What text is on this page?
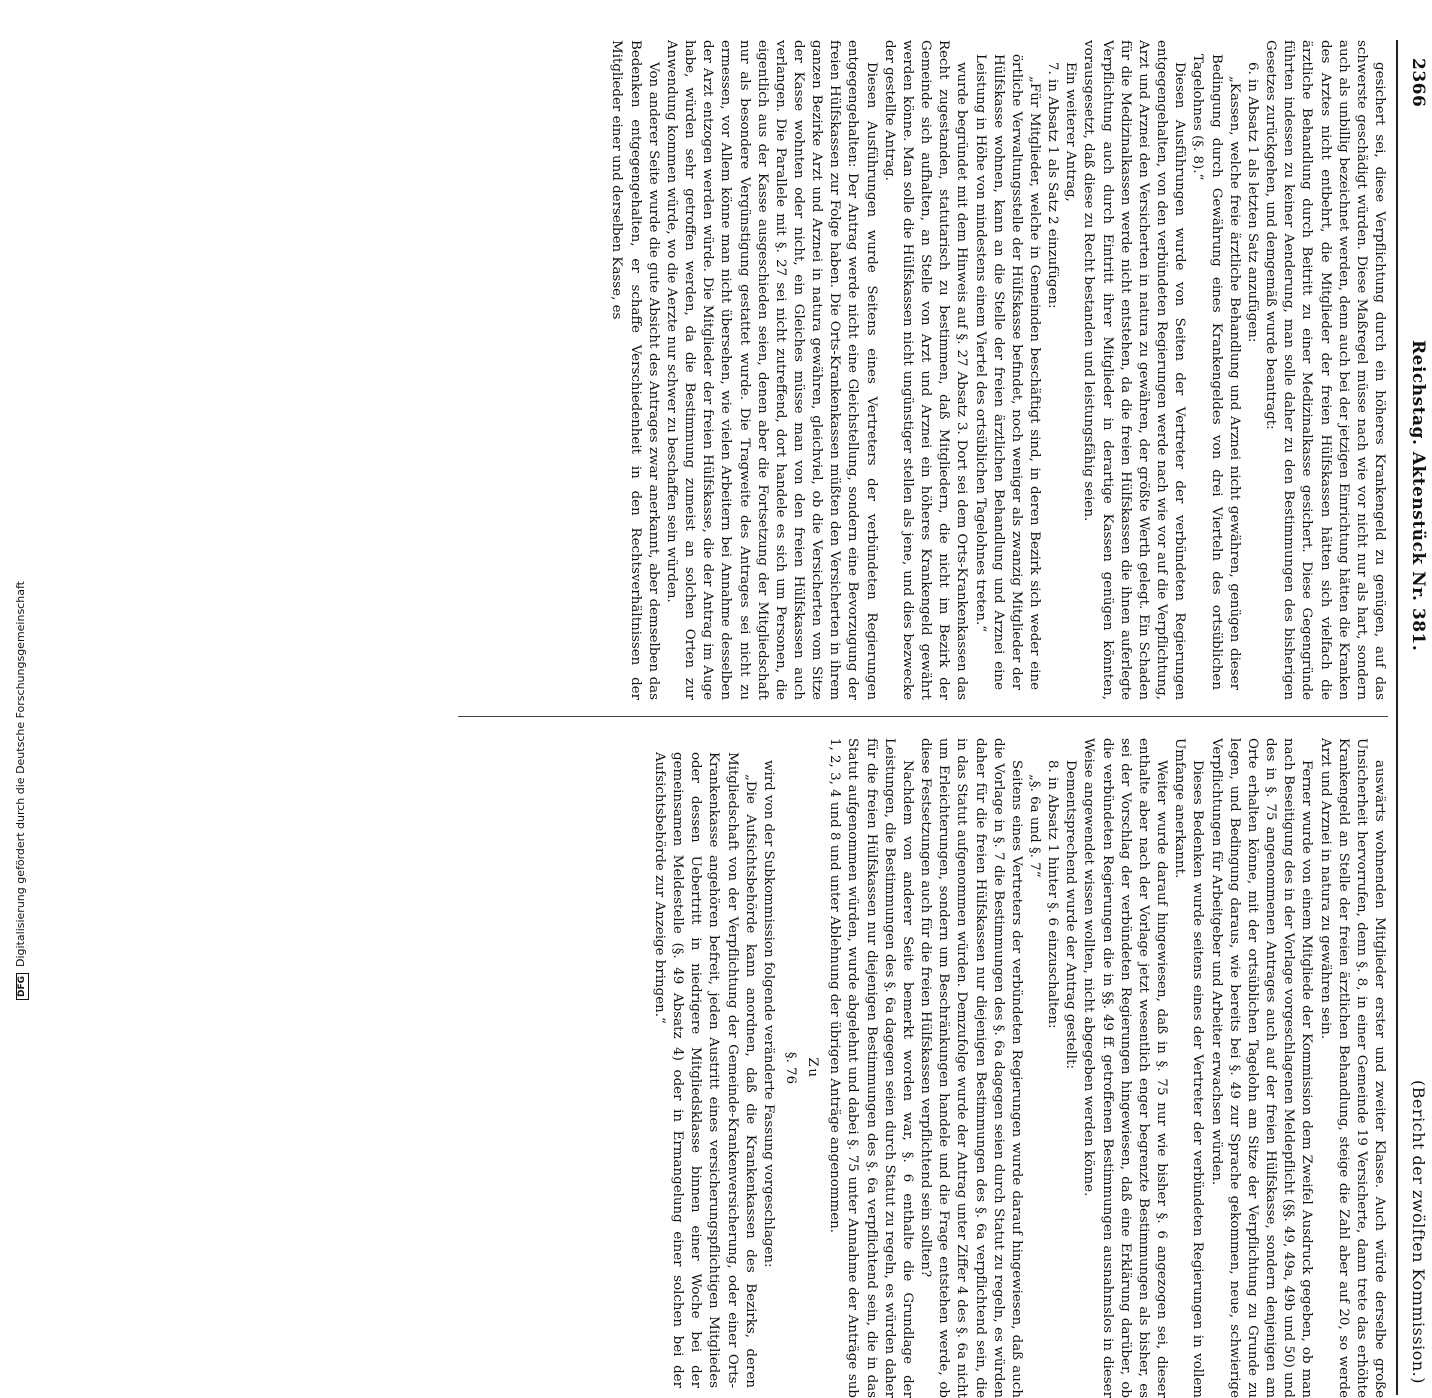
2366
Reichstag. Aktenstück Nr. 381.
(Bericht der zwölften Kommission.)

gesichert sei, diese Verpflichtung durch ein höheres Krankengeld zu genügen, auf das schwerste geschädigt würden. Diese Maßregel müsse nach wie vor nicht nur als hart, sondern auch als unbillig bezeichnet werden, denn auch bei der jetzigen Einrichtung hätten die Kranken des Arztes nicht entbehrt, die Mitglieder der freien Hülfskassen hätten sich vielfach die ärztliche Behandlung durch Beitritt zu einer Medizinalkasse gesichert. Diese Gegengründe führten indessen zu keiner Aenderung, man solle daher zu den Bestimmungen des bisherigen Gesetzes zurückgehen, und demgemäß wurde beantragt:

6. in Absatz 1 als letzten Satz anzufügen:

„Kassen, welche freie ärztliche Behandlung und Arznei nicht gewähren, genügen dieser Bedingung durch Gewährung eines Krankengeldes von drei Vierteln des ortsüblichen Tagelohnes (§. 8).“

Diesen Ausführungen wurde von Seiten der Vertreter der verbündeten Regierungen entgegengehalten, von den verbündeten Regierungen werde nach wie vor auf die Verpflichtung, Arzt und Arznei den Versicherten in natura zu gewähren, der größte Werth gelegt. Ein Schaden für die Medizinalkassen werde nicht entstehen, da die freien Hülfskassen die ihnen auferlegte Verpflichtung auch durch Eintritt ihrer Mitglieder in derartige Kassen genügen könnten, vorausgesetzt, daß diese zu Recht bestanden und leistungsfähig seien.

Ein weiterer Antrag,

7. in Absatz 1 als Satz 2 einzufügen:

„Für Mitglieder, welche in Gemeinden beschäftigt sind, in deren Bezirk sich weder eine örtliche Verwaltungsstelle der Hülfskasse befindet, noch weniger als zwanzig Mitglieder der Hülfskasse wohnen, kann an die Stelle der freien ärztlichen Behandlung und Arznei eine Leistung in Höhe von mindestens einem Viertel des ortsüblichen Tagelohnes treten.“

wurde begründet mit dem Hinweis auf §. 27 Absatz 3. Dort sei dem Orts-Krankenkassen das Recht zugestanden, statutarisch zu bestimmen, daß Mitgliedern, die nicht im Bezirk der Gemeinde sich aufhalten, an Stelle von Arzt und Arznei ein höheres Krankengeld gewährt werden könne. Man solle die Hülfskassen nicht ungünstiger stellen als jene, und dies bezwecke der gestellte Antrag.

Diesen Ausführungen wurde Seitens eines Vertreters der verbündeten Regierungen entgegengehalten: Der Antrag werde nicht eine Gleichstellung, sondern eine Bevorzugung der freien Hülfskassen zur Folge haben. Die Orts-Krankenkassen müßten den Versicherten in ihrem ganzen Bezirke Arzt und Arznei in natura gewähren, gleichviel, ob die Versicherten vom Sitze der Kasse wohnten oder nicht, ein Gleiches müsse man von den freien Hülfskassen auch verlangen. Die Parallele mit §. 27 sei nicht zutreffend, dort handele es sich um Personen, die eigentlich aus der Kasse ausgeschieden seien, denen aber die Fortsetzung der Mitgliedschaft nur als besondere Vergünstigung gestattet wurde. Die Tragweite des Antrages sei nicht zu ermessen, vor Allem könne man nicht übersehen, wie vielen Arbeitern bei Annahme desselben der Arzt entzogen werden würde. Die Mitglieder der freien Hülfskasse, die der Antrag im Auge habe, würden sehr getroffen werden, da die Bestimmung zumeist an solchen Orten zur Anwendung kommen würde, wo die Aerzte nur schwer zu beschaffen sein würden.

Von anderer Seite wurde die gute Absicht des Antrages zwar anerkannt, aber demselben das Bedenken entgegengehalten, er schaffe Verschiedenheit in den Rechtsverhältnissen der Mitglieder einer und derselben Kasse, es

auswärts wohnenden Mitglieder erster und zweiter Klasse. Auch würde derselbe große Unsicherheit hervorrufen, denn §. 8, in einer Gemeinde 19 Versicherte, dann trete das erhöhte Krankengeld an Stelle der freien ärztlichen Behandlung, steige die Zahl aber auf 20, so werde Arzt und Arznei in natura zu gewähren sein.

Ferner wurde von einem Mitgliede der Kommission dem Zweifel Ausdruck gegeben, ob man nach Beseitigung des in der Vorlage vorgeschlagenen Meldepflicht (§§. 49, 49a, 49b und 50) und des in §. 75 angenommenen Antrages auch auf der freien Hülfskasse, sondern denjenigen am Orte erhalten könne, mit der ortsüblichen Tagelohn am Sitze der Verpflichtung zu Grunde zu legen, und Bedingung daraus, wie bereits bei §. 49 zur Sprache gekommen, neue, schwierige Verpflichtungen für Arbeitgeber und Arbeiter erwachsen würden.

Dieses Bedenken wurde seitens eines der Vertreter der verbündeten Regierungen in vollem Umfange anerkannt.

Weiter wurde darauf hingewiesen, daß in §. 75 nur wie bisher §. 6 angezogen sei, dieser enthalte aber nach der Vorlage jetzt wesentlich enger begrenzte Bestimmungen als bisher, es sei der Vorschlag der verbündeten Regierungen hingewiesen, daß eine Erklärung darüber, ob die verbündeten Regierungen die in §§. 49 ff. getroffenen Bestimmungen ausnahmslos in dieser Weise angewendet wissen wollten, nicht abgegeben werden könne.

Dementsprechend wurde der Antrag gestellt:

8. in Absatz 1 hinter §. 6 einzuschalten:

„§. 6a und §. 7“

Seitens eines Vertreters der verbündeten Regierungen wurde darauf hingewiesen, daß auch die Vorlage in §. 7 die Bestimmungen des §. 6a dagegen seien durch Statut zu regeln, es würden daher für die freien Hülfskassen nur diejenigen Bestimmungen des §. 6a verpflichtend sein, die in das Statut aufgenommen würden. Demzufolge wurde der Antrag unter Ziffer 4 des §. 6a nicht um Erleichterungen, sondern um Beschränkungen handele und die Frage entstehen werde, ob diese Festsetzungen auch für die freien Hülfskassen verpflichtend sein sollten?

Nachdem von anderer Seite bemerkt worden war, §. 6 enthalte die Grundlage der Leistungen, die Bestimmungen des §. 6a dagegen seien durch Statut zu regeln, es würden daher für die freien Hülfskassen nur diejenigen Bestimmungen des §. 6a verpflichtend sein, die in das Statut aufgenommen würden, wurde abgelehnt und dabei §. 75 unter Annahme der Anträge sub 1, 2, 3, 4 und 8 und unter Ablehnung der übrigen Anträge angenommen.

Zu

§. 76

wird von der Subkommission folgende veränderte Fassung vorgeschlagen:

„Die Aufsichtsbehörde kann anordnen, daß die Krankenkassen des Bezirks, deren Mitgliedschaft von der Verpflichtung der Gemeinde-Krankenversicherung, oder einer Orts-Krankenkasse angehören befreit, jeden Austritt eines versicherungspflichtigen Mitgliedes oder dessen Uebertritt in niedrigere Mitgliedsklasse binnen einer Woche bei der gemeinsamen Meldestelle (§. 49 Absatz 4) oder in Ermangelung einer solchen bei der Aufsichtsbehörde zur Anzeige bringen.“

DFGDigitalisierung gefördert durch die Deutsche Forschungsgemeinschaft
